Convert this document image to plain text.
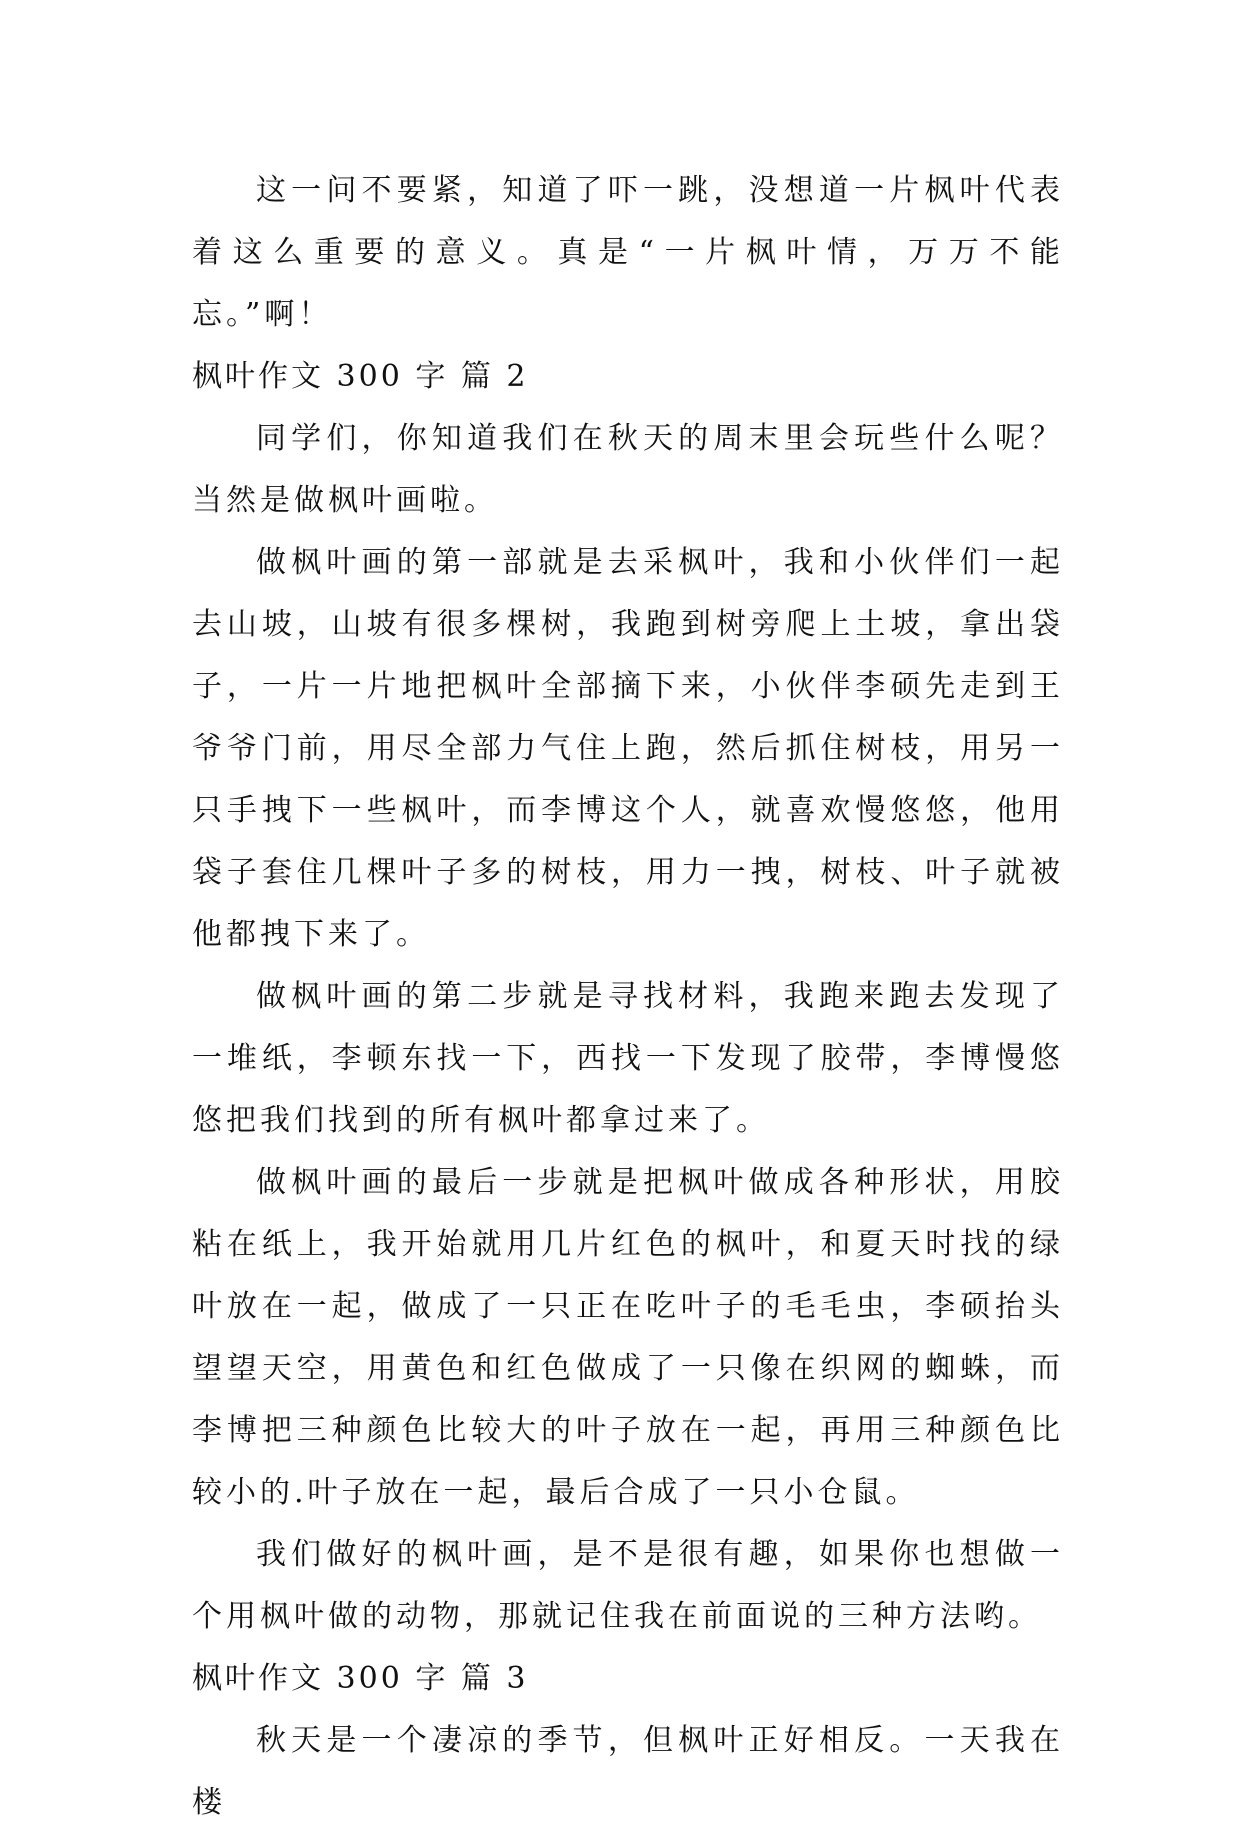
这一问不要紧，知道了吓一跳，没想道一片枫叶代表着这么重要的意义。真是“一片枫叶情，万万不能忘。”啊！

枫叶作文 300 字 篇 2

同学们，你知道我们在秋天的周末里会玩些什么呢？当然是做枫叶画啦。

做枫叶画的第一部就是去采枫叶，我和小伙伴们一起去山坡，山坡有很多棵树，我跑到树旁爬上土坡，拿出袋子，一片一片地把枫叶全部摘下来，小伙伴李硕先走到王爷爷门前，用尽全部力气住上跑，然后抓住树枝，用另一只手拽下一些枫叶，而李博这个人，就喜欢慢悠悠，他用袋子套住几棵叶子多的树枝，用力一拽，树枝、叶子就被他都拽下来了。

做枫叶画的第二步就是寻找材料，我跑来跑去发现了一堆纸，李顿东找一下，西找一下发现了胶带，李博慢悠悠把我们找到的所有枫叶都拿过来了。

做枫叶画的最后一步就是把枫叶做成各种形状，用胶粘在纸上，我开始就用几片红色的枫叶，和夏天时找的绿叶放在一起，做成了一只正在吃叶子的毛毛虫，李硕抬头望望天空，用黄色和红色做成了一只像在织网的蜘蛛，而李博把三种颜色比较大的叶子放在一起，再用三种颜色比较小的.叶子放在一起，最后合成了一只小仓鼠。

我们做好的枫叶画，是不是很有趣，如果你也想做一个用枫叶做的动物，那就记住我在前面说的三种方法哟。

枫叶作文 300 字 篇 3

秋天是一个凄凉的季节，但枫叶正好相反。一天我在楼
